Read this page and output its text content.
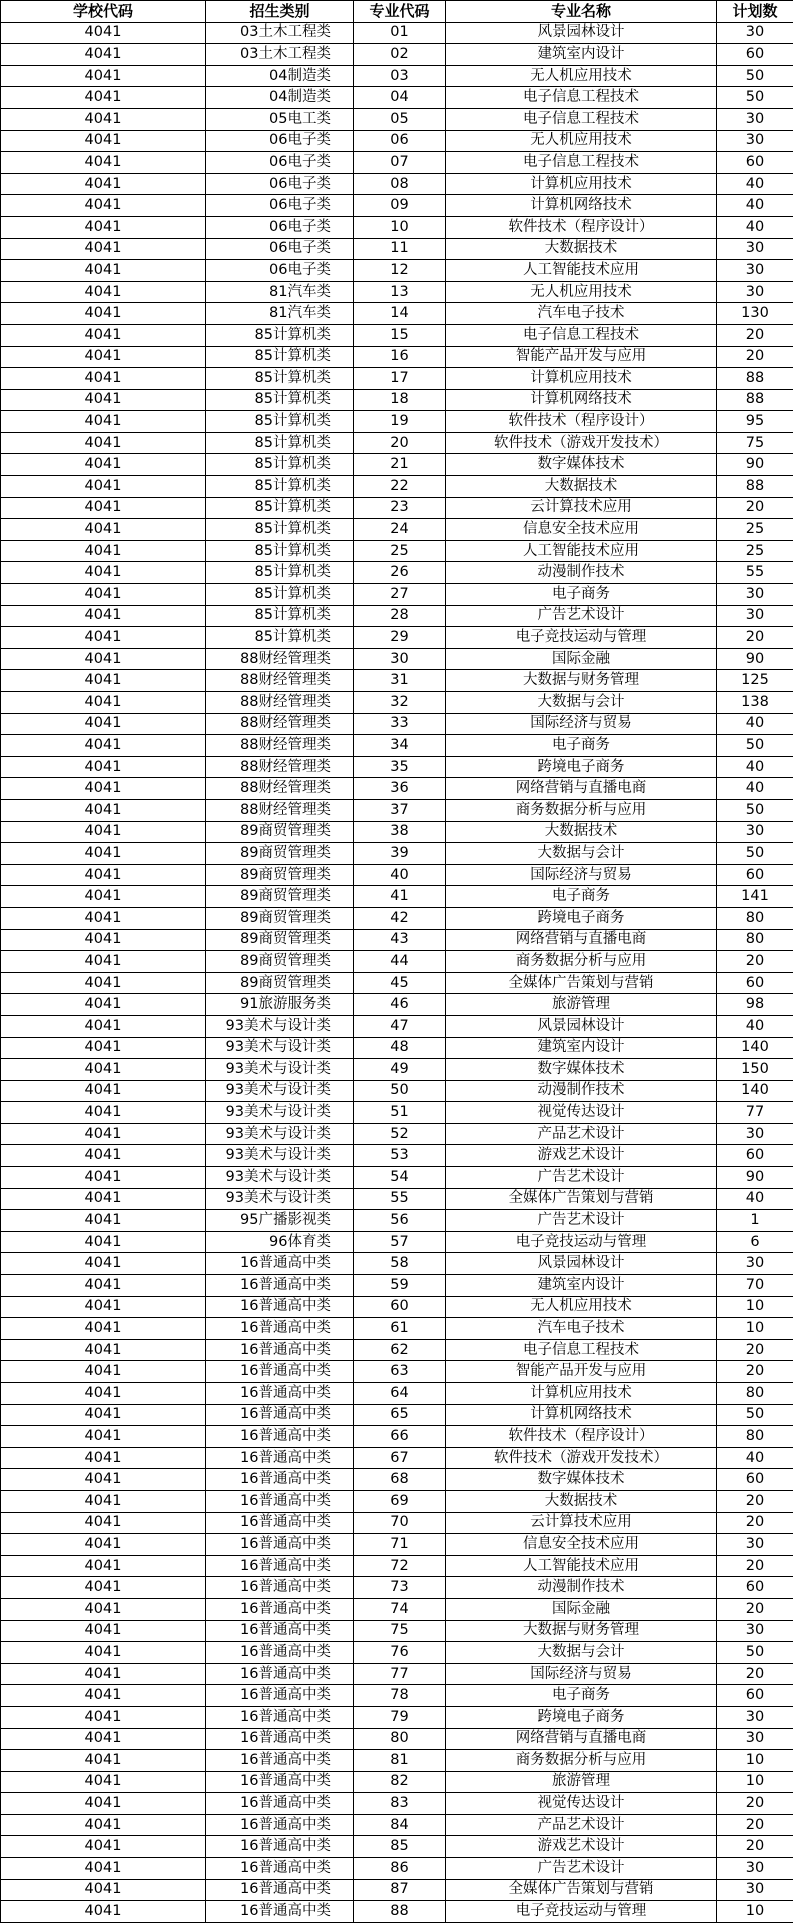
学校代码	招生类别	专业代码	专业名称	计划数
4041	03土木工程类	01	风景园林设计	30
4041	03土木工程类	02	建筑室内设计	60
4041	04制造类	03	无人机应用技术	50
4041	04制造类	04	电子信息工程技术	50
4041	05电工类	05	电子信息工程技术	30
4041	06电子类	06	无人机应用技术	30
4041	06电子类	07	电子信息工程技术	60
4041	06电子类	08	计算机应用技术	40
4041	06电子类	09	计算机网络技术	40
4041	06电子类	10	软件技术（程序设计）	40
4041	06电子类	11	大数据技术	30
4041	06电子类	12	人工智能技术应用	30
4041	81汽车类	13	无人机应用技术	30
4041	81汽车类	14	汽车电子技术	130
4041	85计算机类	15	电子信息工程技术	20
4041	85计算机类	16	智能产品开发与应用	20
4041	85计算机类	17	计算机应用技术	88
4041	85计算机类	18	计算机网络技术	88
4041	85计算机类	19	软件技术（程序设计）	95
4041	85计算机类	20	软件技术（游戏开发技术）	75
4041	85计算机类	21	数字媒体技术	90
4041	85计算机类	22	大数据技术	88
4041	85计算机类	23	云计算技术应用	20
4041	85计算机类	24	信息安全技术应用	25
4041	85计算机类	25	人工智能技术应用	25
4041	85计算机类	26	动漫制作技术	55
4041	85计算机类	27	电子商务	30
4041	85计算机类	28	广告艺术设计	30
4041	85计算机类	29	电子竞技运动与管理	20
4041	88财经管理类	30	国际金融	90
4041	88财经管理类	31	大数据与财务管理	125
4041	88财经管理类	32	大数据与会计	138
4041	88财经管理类	33	国际经济与贸易	40
4041	88财经管理类	34	电子商务	50
4041	88财经管理类	35	跨境电子商务	40
4041	88财经管理类	36	网络营销与直播电商	40
4041	88财经管理类	37	商务数据分析与应用	50
4041	89商贸管理类	38	大数据技术	30
4041	89商贸管理类	39	大数据与会计	50
4041	89商贸管理类	40	国际经济与贸易	60
4041	89商贸管理类	41	电子商务	141
4041	89商贸管理类	42	跨境电子商务	80
4041	89商贸管理类	43	网络营销与直播电商	80
4041	89商贸管理类	44	商务数据分析与应用	20
4041	89商贸管理类	45	全媒体广告策划与营销	60
4041	91旅游服务类	46	旅游管理	98
4041	93美术与设计类	47	风景园林设计	40
4041	93美术与设计类	48	建筑室内设计	140
4041	93美术与设计类	49	数字媒体技术	150
4041	93美术与设计类	50	动漫制作技术	140
4041	93美术与设计类	51	视觉传达设计	77
4041	93美术与设计类	52	产品艺术设计	30
4041	93美术与设计类	53	游戏艺术设计	60
4041	93美术与设计类	54	广告艺术设计	90
4041	93美术与设计类	55	全媒体广告策划与营销	40
4041	95广播影视类	56	广告艺术设计	1
4041	96体育类	57	电子竞技运动与管理	6
4041	16普通高中类	58	风景园林设计	30
4041	16普通高中类	59	建筑室内设计	70
4041	16普通高中类	60	无人机应用技术	10
4041	16普通高中类	61	汽车电子技术	10
4041	16普通高中类	62	电子信息工程技术	20
4041	16普通高中类	63	智能产品开发与应用	20
4041	16普通高中类	64	计算机应用技术	80
4041	16普通高中类	65	计算机网络技术	50
4041	16普通高中类	66	软件技术（程序设计）	80
4041	16普通高中类	67	软件技术（游戏开发技术）	40
4041	16普通高中类	68	数字媒体技术	60
4041	16普通高中类	69	大数据技术	20
4041	16普通高中类	70	云计算技术应用	20
4041	16普通高中类	71	信息安全技术应用	30
4041	16普通高中类	72	人工智能技术应用	20
4041	16普通高中类	73	动漫制作技术	60
4041	16普通高中类	74	国际金融	20
4041	16普通高中类	75	大数据与财务管理	30
4041	16普通高中类	76	大数据与会计	50
4041	16普通高中类	77	国际经济与贸易	20
4041	16普通高中类	78	电子商务	60
4041	16普通高中类	79	跨境电子商务	30
4041	16普通高中类	80	网络营销与直播电商	30
4041	16普通高中类	81	商务数据分析与应用	10
4041	16普通高中类	82	旅游管理	10
4041	16普通高中类	83	视觉传达设计	20
4041	16普通高中类	84	产品艺术设计	20
4041	16普通高中类	85	游戏艺术设计	20
4041	16普通高中类	86	广告艺术设计	30
4041	16普通高中类	87	全媒体广告策划与营销	30
4041	16普通高中类	88	电子竞技运动与管理	10
